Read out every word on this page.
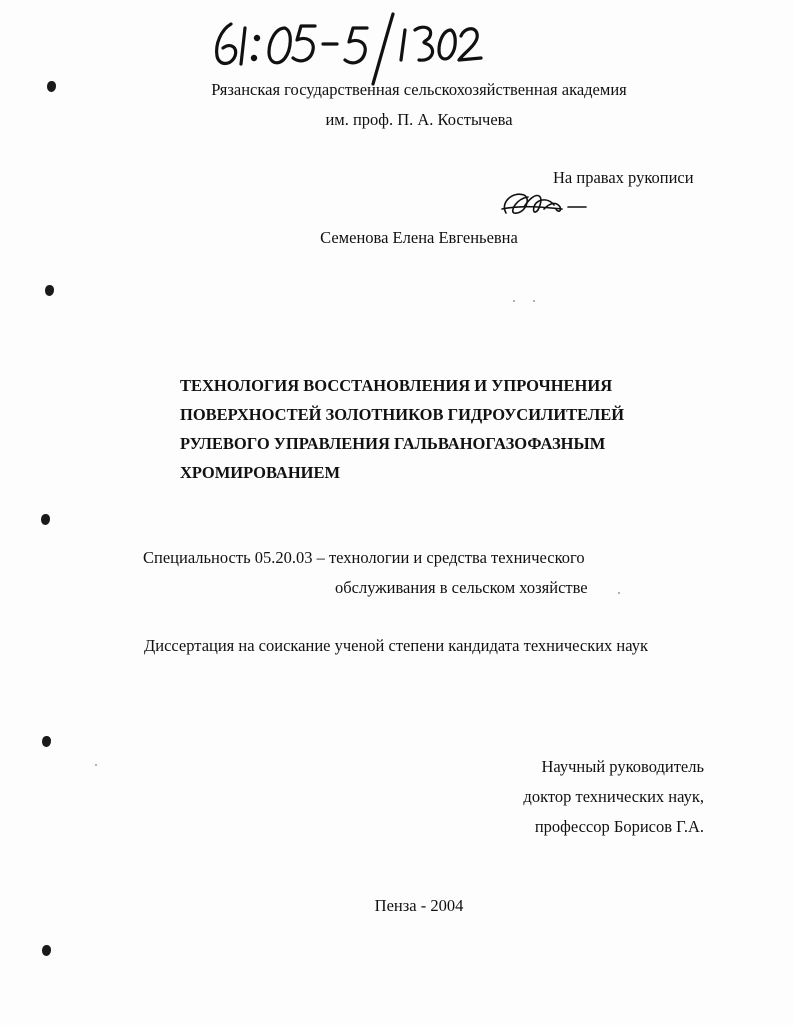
Рязанская государственная сельскохозяйственная академия
им. проф. П. А. Костычева
На правах рукописи
Семенова Елена Евгеньевна
ТЕХНОЛОГИЯ ВОССТАНОВЛЕНИЯ И УПРОЧНЕНИЯ
ПОВЕРХНОСТЕЙ ЗОЛОТНИКОВ ГИДРОУСИЛИТЕЛЕЙ
РУЛЕВОГО УПРАВЛЕНИЯ ГАЛЬВАНОГАЗОФАЗНЫМ
ХРОМИРОВАНИЕМ
Специальность 05.20.03 – технологии и средства технического
обслуживания в сельском хозяйстве
Диссертация на соискание ученой степени кандидата технических наук
Научный руководитель
доктор технических наук,
профессор Борисов Г.А.
Пенза - 2004
